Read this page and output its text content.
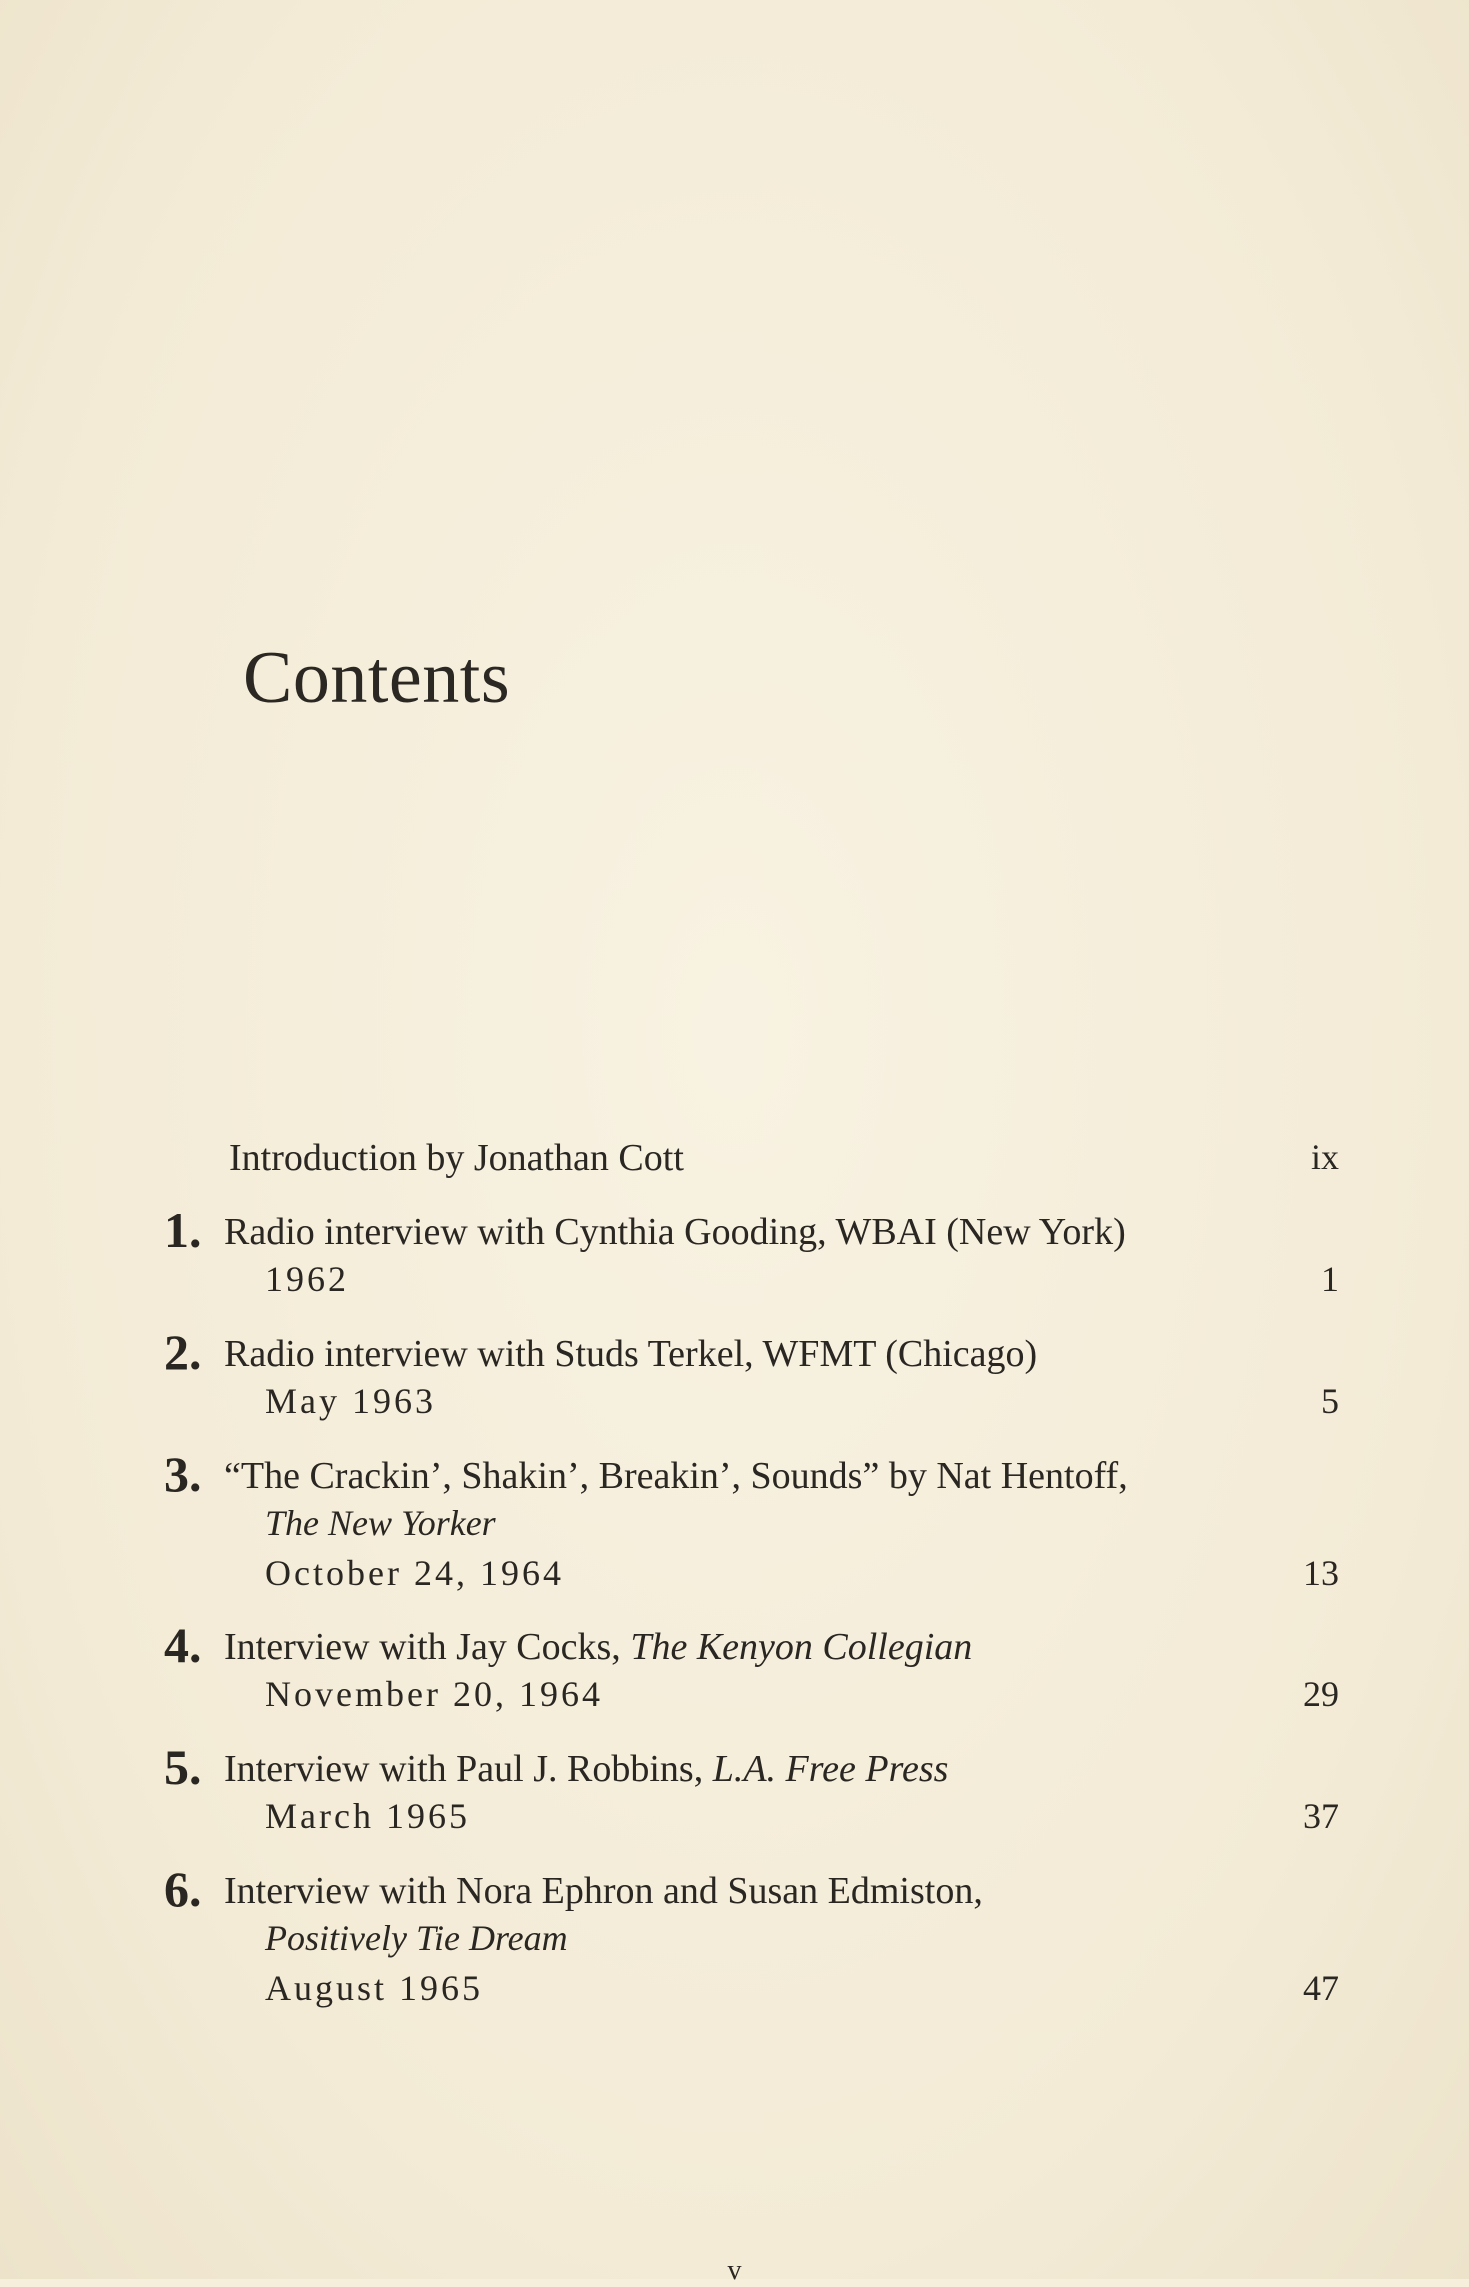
Contents
Introduction by Jonathan Cott	ix
1. Radio interview with Cynthia Gooding, WBAI (New York)
1962	1
2. Radio interview with Studs Terkel, WFMT (Chicago)
May 1963	5
3. “The Crackin’, Shakin’, Breakin’, Sounds” by Nat Hentoff,
The New Yorker
October 24, 1964	13
4. Interview with Jay Cocks, The Kenyon Collegian
November 20, 1964	29
5. Interview with Paul J. Robbins, L.A. Free Press
March 1965	37
6. Interview with Nora Ephron and Susan Edmiston,
Positively Tie Dream
August 1965	47
v
